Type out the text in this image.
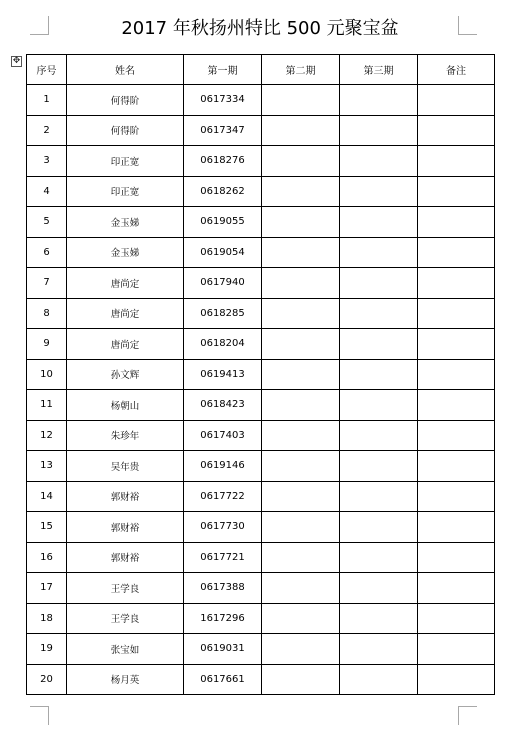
2017 年秋扬州特比 500 元聚宝盆
✥
序号	姓名	第一期	第二期	第三期	备注
1	何得阶	0617334			
2	何得阶	0617347			
3	印正宽	0618276			
4	印正宽	0618262			
5	金玉娣	0619055			
6	金玉娣	0619054			
7	唐尚定	0617940			
8	唐尚定	0618285			
9	唐尚定	0618204			
10	孙文辉	0619413			
11	杨朝山	0618423			
12	朱珍年	0617403			
13	吴年贵	0619146			
14	郭财裕	0617722			
15	郭财裕	0617730			
16	郭财裕	0617721			
17	王学良	0617388			
18	王学良	1617296			
19	张宝如	0619031			
20	杨月英	0617661			
